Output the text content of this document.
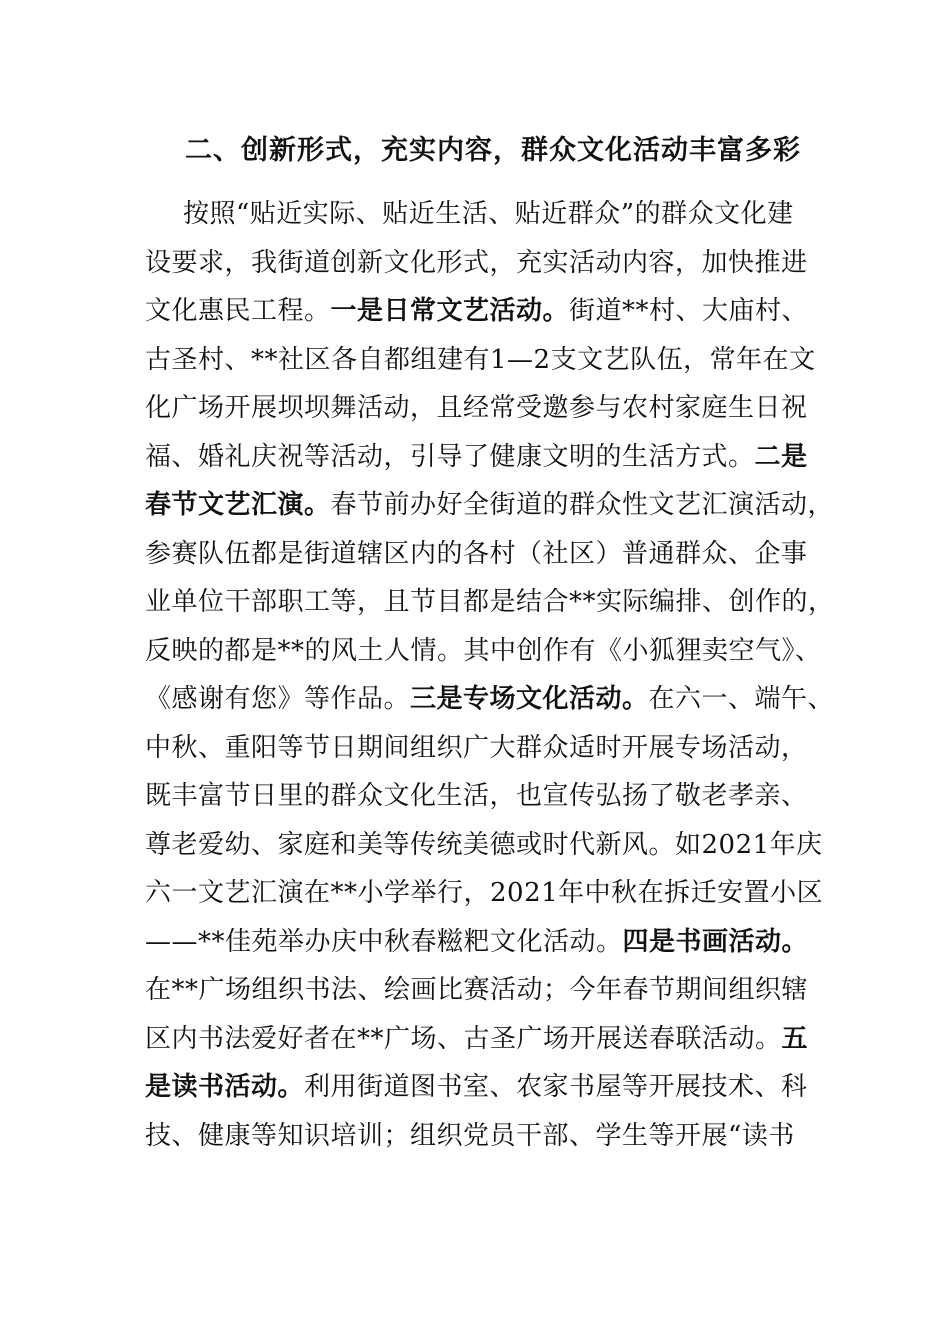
二、创新形式，充实内容，群众文化活动丰富多彩
按照“贴近实际、贴近生活、贴近群众”的群众文化建
设要求，我街道创新文化形式，充实活动内容，加快推进
文化惠民工程。一是日常文艺活动。街道**村、大庙村、
古圣村、**社区各自都组建有1—2支文艺队伍，常年在文
化广场开展坝坝舞活动，且经常受邀参与农村家庭生日祝
福、婚礼庆祝等活动，引导了健康文明的生活方式。二是
春节文艺汇演。春节前办好全街道的群众性文艺汇演活动，
参赛队伍都是街道辖区内的各村（社区）普通群众、企事
业单位干部职工等，且节目都是结合**实际编排、创作的，
反映的都是**的风土人情。其中创作有《小狐狸卖空气》、
《感谢有您》等作品。三是专场文化活动。在六一、端午、
中秋、重阳等节日期间组织广大群众适时开展专场活动，
既丰富节日里的群众文化生活，也宣传弘扬了敬老孝亲、
尊老爱幼、家庭和美等传统美德或时代新风。如2021年庆
六一文艺汇演在**小学举行，2021年中秋在拆迁安置小区
——**佳苑举办庆中秋春糍粑文化活动。四是书画活动。
在**广场组织书法、绘画比赛活动；今年春节期间组织辖
区内书法爱好者在**广场、古圣广场开展送春联活动。五
是读书活动。利用街道图书室、农家书屋等开展技术、科
技、健康等知识培训；组织党员干部、学生等开展“读书
